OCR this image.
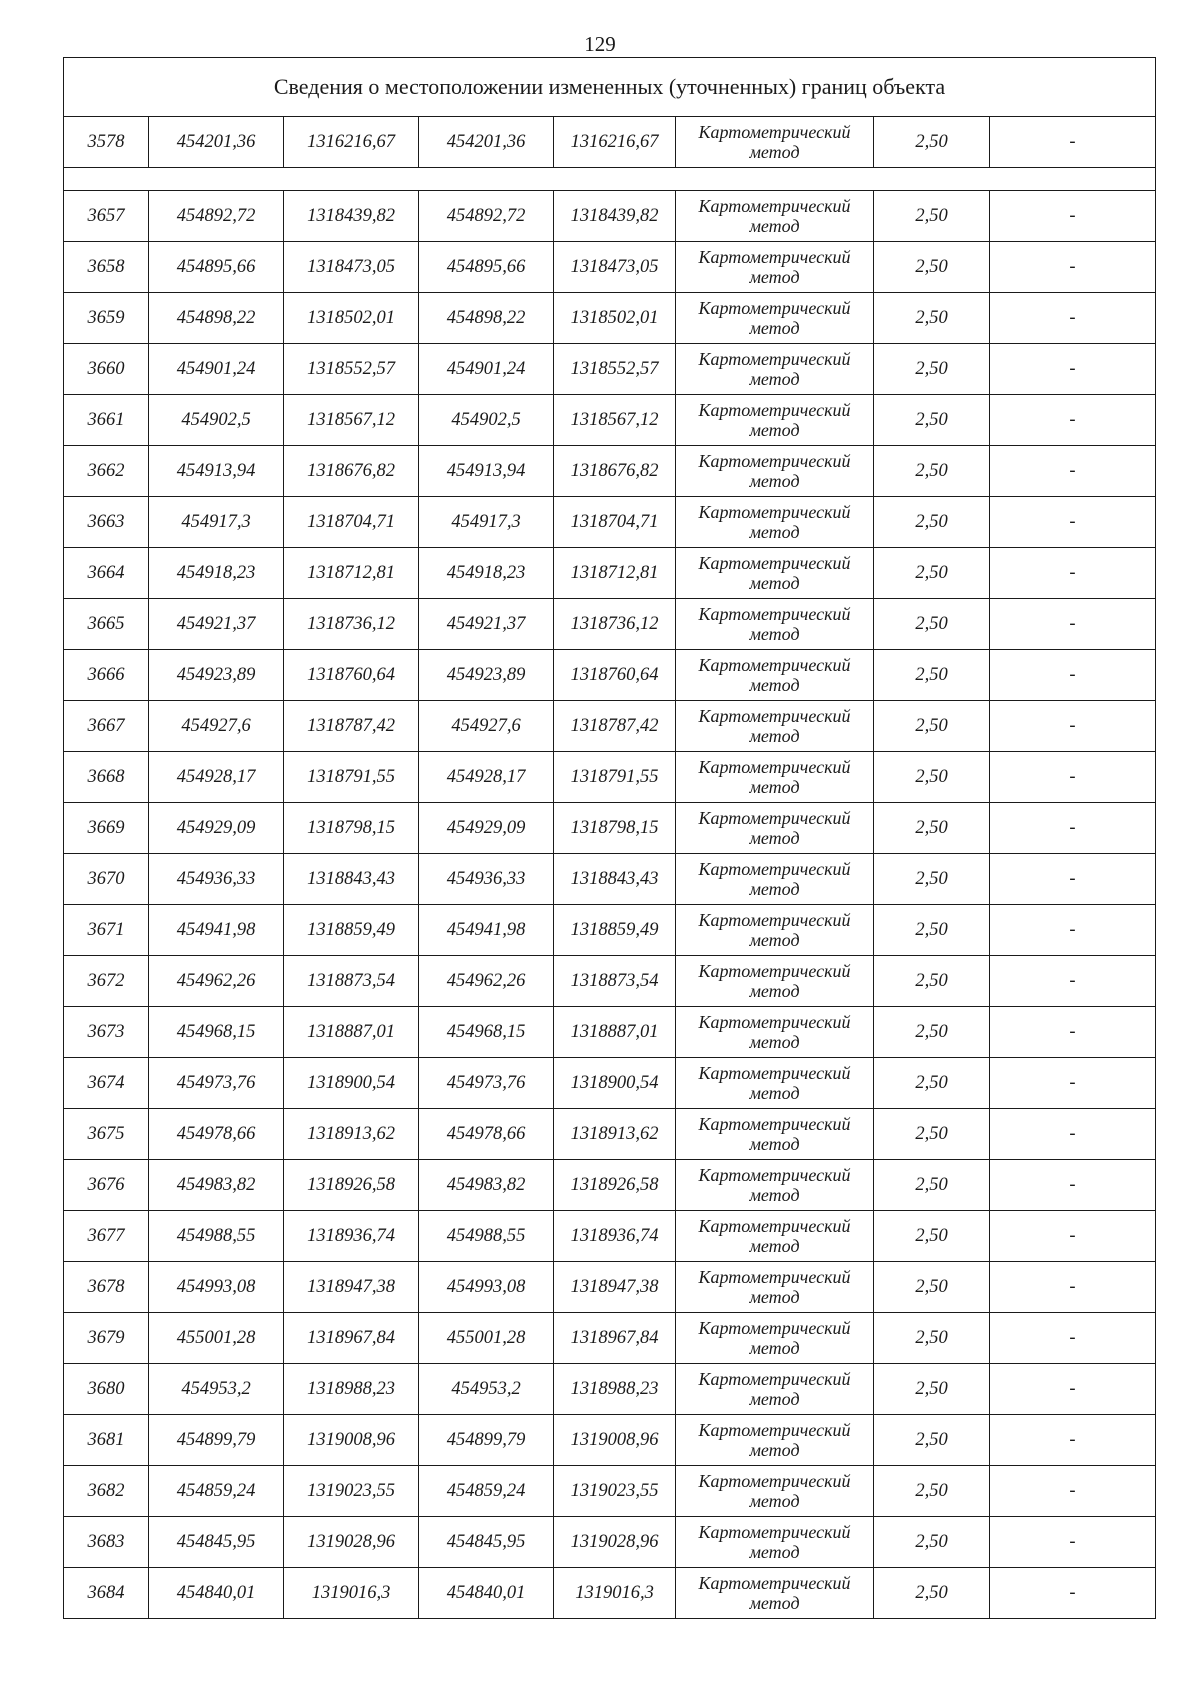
129
Сведения о местоположении измененных (уточненных) границ объекта							
3578	454201,36	1316216,67	454201,36	1316216,67	Картометрический метод	2,50	-

3657	454892,72	1318439,82	454892,72	1318439,82	Картометрический метод	2,50	-
3658	454895,66	1318473,05	454895,66	1318473,05	Картометрический метод	2,50	-
3659	454898,22	1318502,01	454898,22	1318502,01	Картометрический метод	2,50	-
3660	454901,24	1318552,57	454901,24	1318552,57	Картометрический метод	2,50	-
3661	454902,5	1318567,12	454902,5	1318567,12	Картометрический метод	2,50	-
3662	454913,94	1318676,82	454913,94	1318676,82	Картометрический метод	2,50	-
3663	454917,3	1318704,71	454917,3	1318704,71	Картометрический метод	2,50	-
3664	454918,23	1318712,81	454918,23	1318712,81	Картометрический метод	2,50	-
3665	454921,37	1318736,12	454921,37	1318736,12	Картометрический метод	2,50	-
3666	454923,89	1318760,64	454923,89	1318760,64	Картометрический метод	2,50	-
3667	454927,6	1318787,42	454927,6	1318787,42	Картометрический метод	2,50	-
3668	454928,17	1318791,55	454928,17	1318791,55	Картометрический метод	2,50	-
3669	454929,09	1318798,15	454929,09	1318798,15	Картометрический метод	2,50	-
3670	454936,33	1318843,43	454936,33	1318843,43	Картометрический метод	2,50	-
3671	454941,98	1318859,49	454941,98	1318859,49	Картометрический метод	2,50	-
3672	454962,26	1318873,54	454962,26	1318873,54	Картометрический метод	2,50	-
3673	454968,15	1318887,01	454968,15	1318887,01	Картометрический метод	2,50	-
3674	454973,76	1318900,54	454973,76	1318900,54	Картометрический метод	2,50	-
3675	454978,66	1318913,62	454978,66	1318913,62	Картометрический метод	2,50	-
3676	454983,82	1318926,58	454983,82	1318926,58	Картометрический метод	2,50	-
3677	454988,55	1318936,74	454988,55	1318936,74	Картометрический метод	2,50	-
3678	454993,08	1318947,38	454993,08	1318947,38	Картометрический метод	2,50	-
3679	455001,28	1318967,84	455001,28	1318967,84	Картометрический метод	2,50	-
3680	454953,2	1318988,23	454953,2	1318988,23	Картометрический метод	2,50	-
3681	454899,79	1319008,96	454899,79	1319008,96	Картометрический метод	2,50	-
3682	454859,24	1319023,55	454859,24	1319023,55	Картометрический метод	2,50	-
3683	454845,95	1319028,96	454845,95	1319028,96	Картометрический метод	2,50	-
3684	454840,01	1319016,3	454840,01	1319016,3	Картометрический метод	2,50	-
